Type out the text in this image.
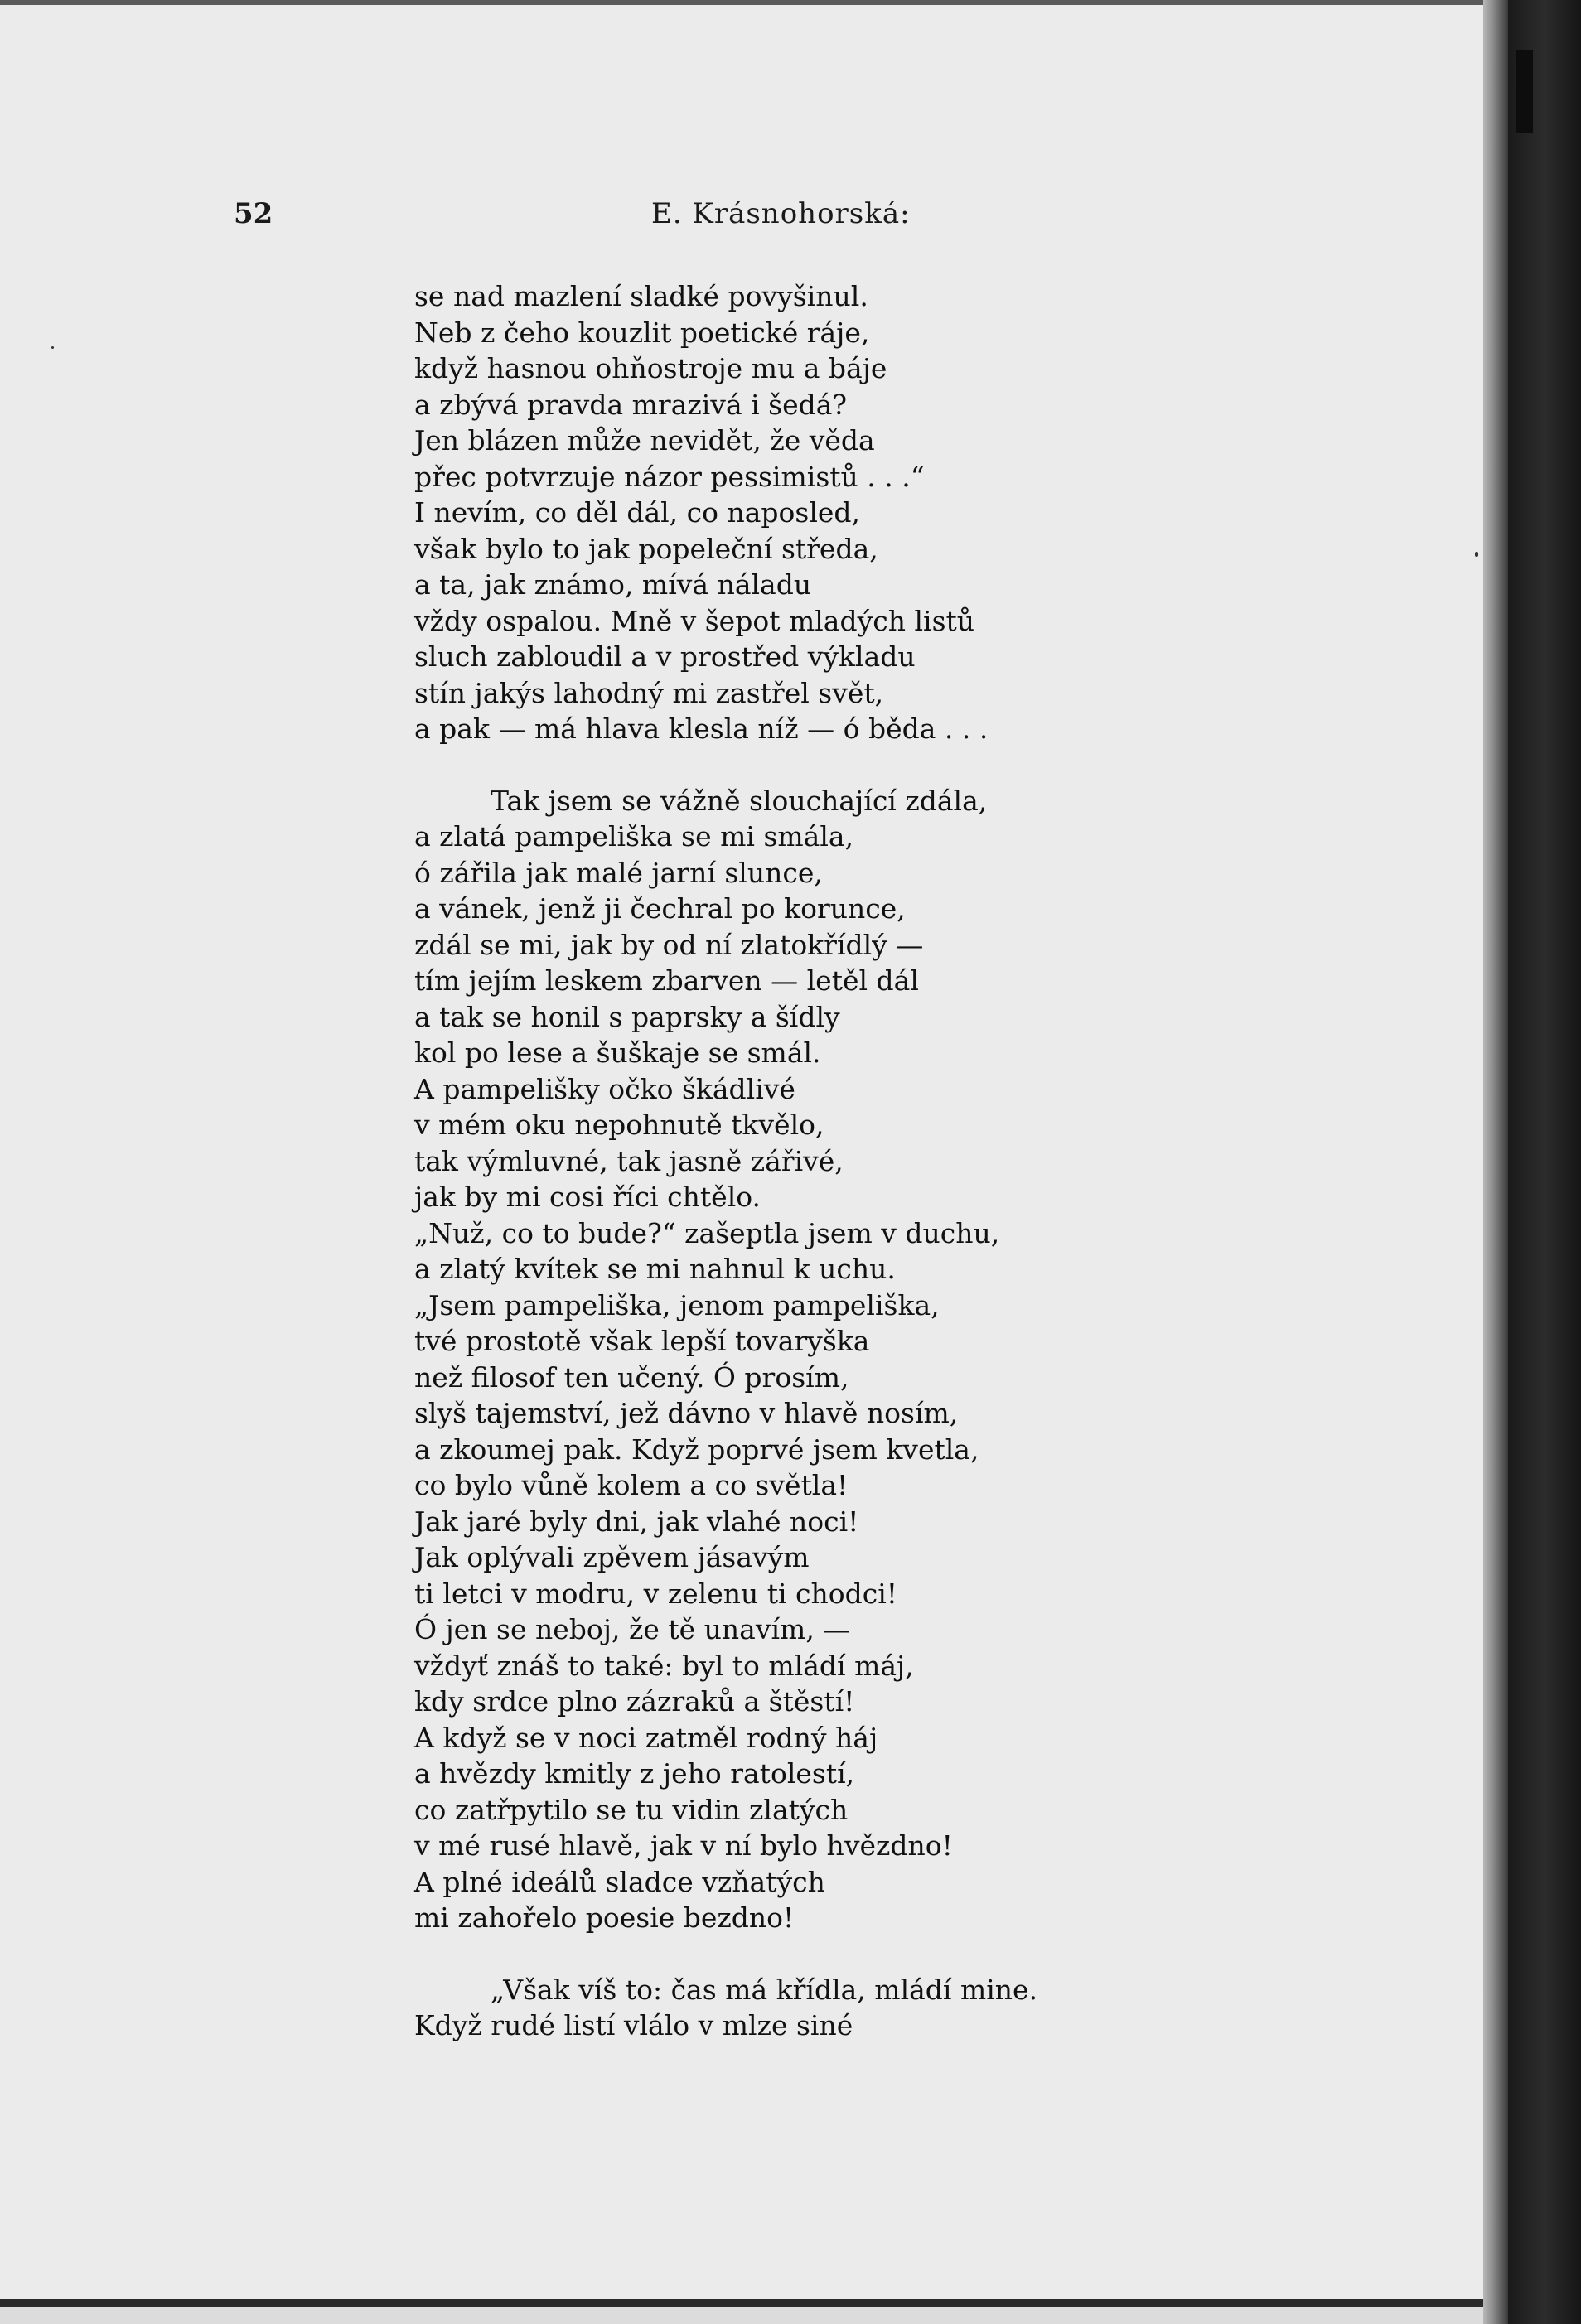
52	E. Krásnohorská:
se nad mazlení sladké povyšinul.
Neb z čeho kouzlit poetické ráje,
když hasnou ohňostroje mu a báje
a zbývá pravda mrazivá i šedá?
Jen blázen může nevidět, že věda
přec potvrzuje názor pessimistů . . .“
I nevím, co děl dál, co naposled,
však bylo to jak popeleční středa,
a ta, jak známo, mívá náladu
vždy ospalou. Mně v šepot mladých listů
sluch zabloudil a v prostřed výkladu
stín jakýs lahodný mi zastřel svět,
a pak — má hlava klesla níž — ó běda . . .
Tak jsem se vážně slouchající zdála,
a zlatá pampeliška se mi smála,
ó zářila jak malé jarní slunce,
a vánek, jenž ji čechral po korunce,
zdál se mi, jak by od ní zlatokřídlý —
tím jejím leskem zbarven — letěl dál
a tak se honil s paprsky a šídly
kol po lese a šuškaje se smál.
A pampelišky očko škádlivé
v mém oku nepohnutě tkvělo,
tak výmluvné, tak jasně zářivé,
jak by mi cosi říci chtělo.
„Nuž, co to bude?“ zašeptla jsem v duchu,
a zlatý kvítek se mi nahnul k uchu.
„Jsem pampeliška, jenom pampeliška,
tvé prostotě však lepší tovaryška
než filosof ten učený. Ó prosím,
slyš tajemství, jež dávno v hlavě nosím,
a zkoumej pak. Když poprvé jsem kvetla,
co bylo vůně kolem a co světla!
Jak jaré byly dni, jak vlahé noci!
Jak oplývali zpěvem jásavým
ti letci v modru, v zelenu ti chodci!
Ó jen se neboj, že tě unavím, —
vždyť znáš to také: byl to mládí máj,
kdy srdce plno zázraků a štěstí!
A když se v noci zatměl rodný háj
a hvězdy kmitly z jeho ratolestí,
co zatřpytilo se tu vidin zlatých
v mé rusé hlavě, jak v ní bylo hvězdno!
A plné ideálů sladce vzňatých
mi zahořelo poesie bezdno!
„Však víš to: čas má křídla, mládí mine.
Když rudé listí vlálo v mlze siné
